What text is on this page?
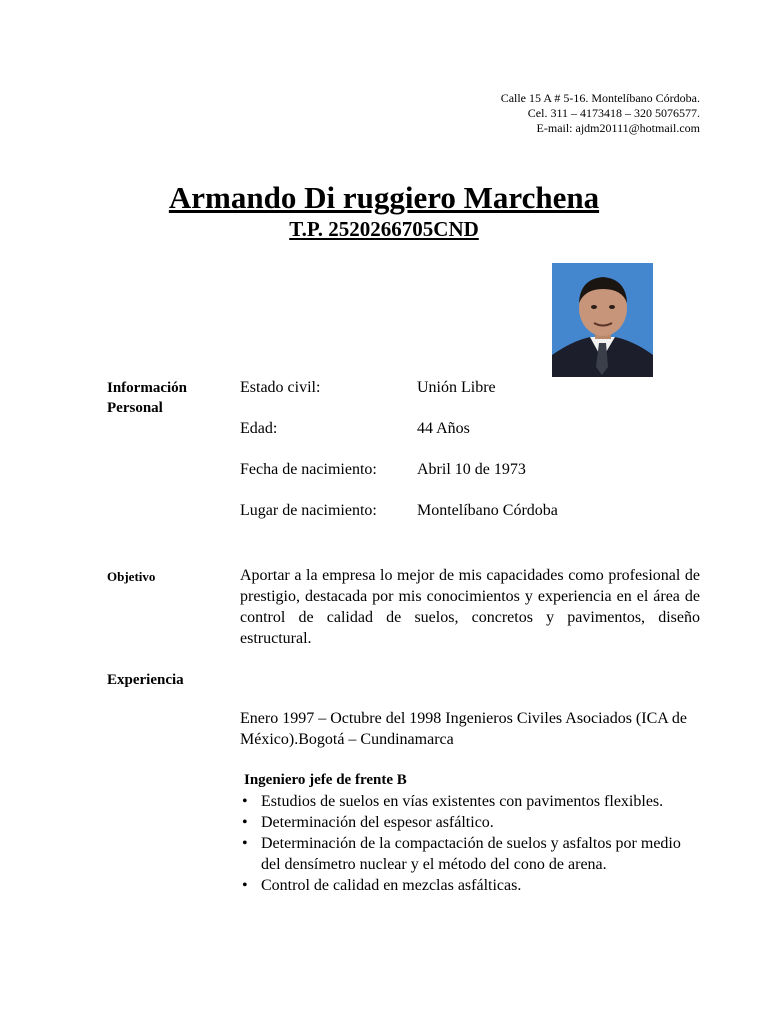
Calle 15 A # 5-16. Montelíbano Córdoba.
Cel. 311 – 4173418 – 320 5076577.
E-mail: ajdm20111@hotmail.com
Armando Di ruggiero Marchena
T.P. 2520266705CND
Información
Personal
Estado civil:	Unión Libre
Edad:	44 Años
Fecha de nacimiento:	Abril 10 de 1973
Lugar de nacimiento:	Montelíbano Córdoba
Objetivo	Aportar a la empresa lo mejor de mis capacidades como profesional de prestigio, destacada por mis conocimientos y experiencia en el área de control de calidad de suelos, concretos y pavimentos, diseño estructural.

Experiencia

Enero 1997 – Octubre del 1998 Ingenieros Civiles Asociados (ICA de México).Bogotá – Cundinamarca

Ingeniero jefe de frente B
• Estudios de suelos en vías existentes con pavimentos flexibles.
• Determinación del espesor asfáltico.
• Determinación de la compactación de suelos y asfaltos por medio del densímetro nuclear y el método del cono de arena.
• Control de calidad en mezclas asfálticas.
